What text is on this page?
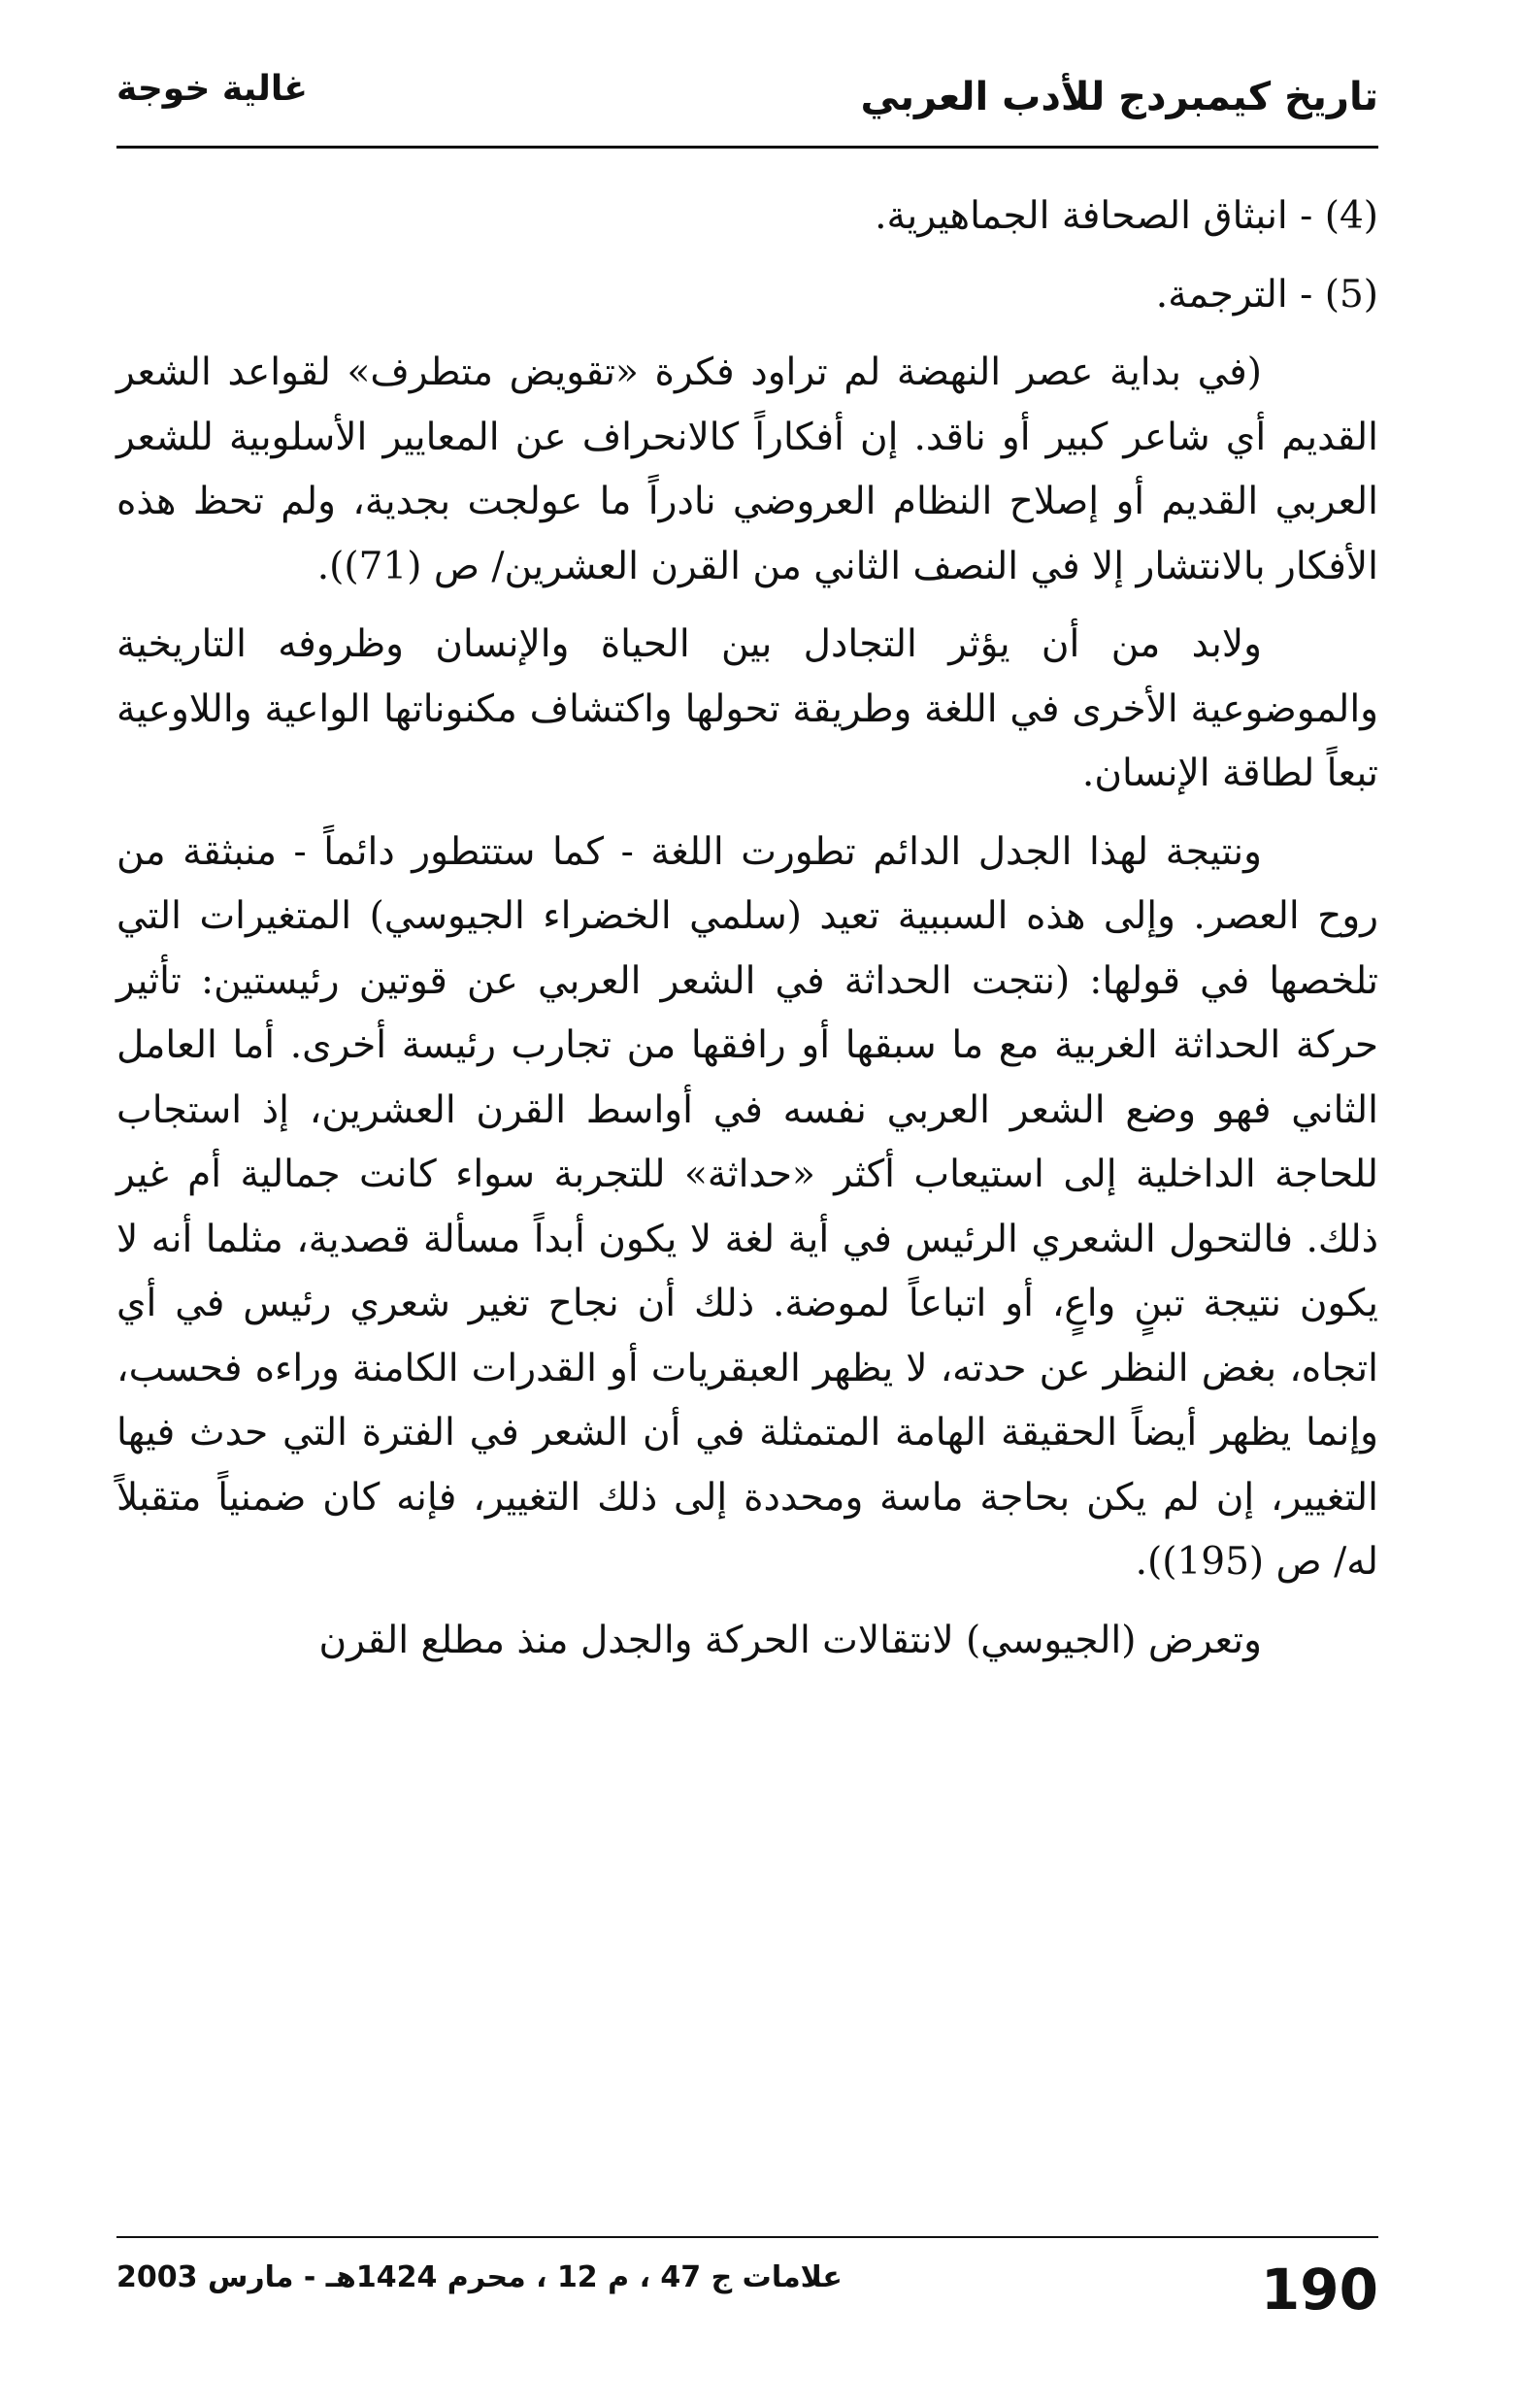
تاريخ كيمبردج للأدب العربي
غالية خوجة

(4) - انبثاق الصحافة الجماهيرية.

(5) - الترجمة.

(في بداية عصر النهضة لم تراود فكرة «تقويض متطرف» لقواعد الشعر القديم أي شاعر كبير أو ناقد. إن أفكاراً كالانحراف عن المعايير الأسلوبية للشعر العربي القديم أو إصلاح النظام العروضي نادراً ما عولجت بجدية، ولم تحظ هذه الأفكار بالانتشار إلا في النصف الثاني من القرن العشرين/ ص (71)).

ولابد من أن يؤثر التجادل بين الحياة والإنسان وظروفه التاريخية والموضوعية الأخرى في اللغة وطريقة تحولها واكتشاف مكنوناتها الواعية واللاوعية تبعاً لطاقة الإنسان.

ونتيجة لهذا الجدل الدائم تطورت اللغة - كما ستتطور دائماً - منبثقة من روح العصر. وإلى هذه السببية تعيد (سلمي الخضراء الجيوسي) المتغيرات التي تلخصها في قولها: (نتجت الحداثة في الشعر العربي عن قوتين رئيستين: تأثير حركة الحداثة الغربية مع ما سبقها أو رافقها من تجارب رئيسة أخرى. أما العامل الثاني فهو وضع الشعر العربي نفسه في أواسط القرن العشرين، إذ استجاب للحاجة الداخلية إلى استيعاب أكثر «حداثة» للتجربة سواء كانت جمالية أم غير ذلك. فالتحول الشعري الرئيس في أية لغة لا يكون أبداً مسألة قصدية، مثلما أنه لا يكون نتيجة تبنٍ واعٍ، أو اتباعاً لموضة. ذلك أن نجاح تغير شعري رئيس في أي اتجاه، بغض النظر عن حدته، لا يظهر العبقريات أو القدرات الكامنة وراءه فحسب، وإنما يظهر أيضاً الحقيقة الهامة المتمثلة في أن الشعر في الفترة التي حدث فيها التغيير، إن لم يكن بحاجة ماسة ومحددة إلى ذلك التغيير، فإنه كان ضمنياً متقبلاً له/ ص (195)).

وتعرض (الجيوسي) لانتقالات الحركة والجدل منذ مطلع القرن

190
علامات ج 47 ، م 12 ، محرم 1424هـ - مارس 2003
